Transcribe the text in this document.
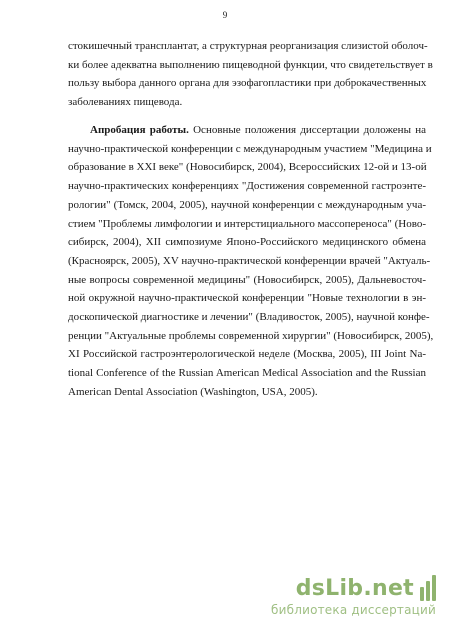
9
стокишечный трансплантат, а структурная реорганизация слизистой оболоч-
ки более адекватна выполнению пищеводной функции, что свидетельствует в
пользу выбора данного органа для эзофагопластики при доброкачественных
заболеваниях пищевода.
Апробация работы. Основные положения диссертации доложены на
научно-практической конференции с международным участием "Медицина и
образование в XXI веке" (Новосибирск, 2004), Всероссийских 12-ой и 13-ой
научно-практических конференциях "Достижения современной гастроэнте-
рологии" (Томск, 2004, 2005), научной конференции с международным уча-
стием "Проблемы лимфологии и интерстициального массопереноса" (Ново-
сибирск, 2004), XII симпозиуме Японо-Российского медицинского обмена
(Красноярск, 2005), XV научно-практической конференции врачей "Актуаль-
ные вопросы современной медицины" (Новосибирск, 2005), Дальневосточ-
ной окружной научно-практической конференции "Новые технологии в эн-
доскопической диагностике и лечении" (Владивосток, 2005), научной конфе-
ренции "Актуальные проблемы современной хирургии" (Новосибирск, 2005),
XI Российской гастроэнтерологической неделе (Москва, 2005), III Joint Na-
tional Conference of the Russian American Medical Association and the Russian
American Dental Association (Washington, USA, 2005).
dsLib.net
библиотека диссертаций
